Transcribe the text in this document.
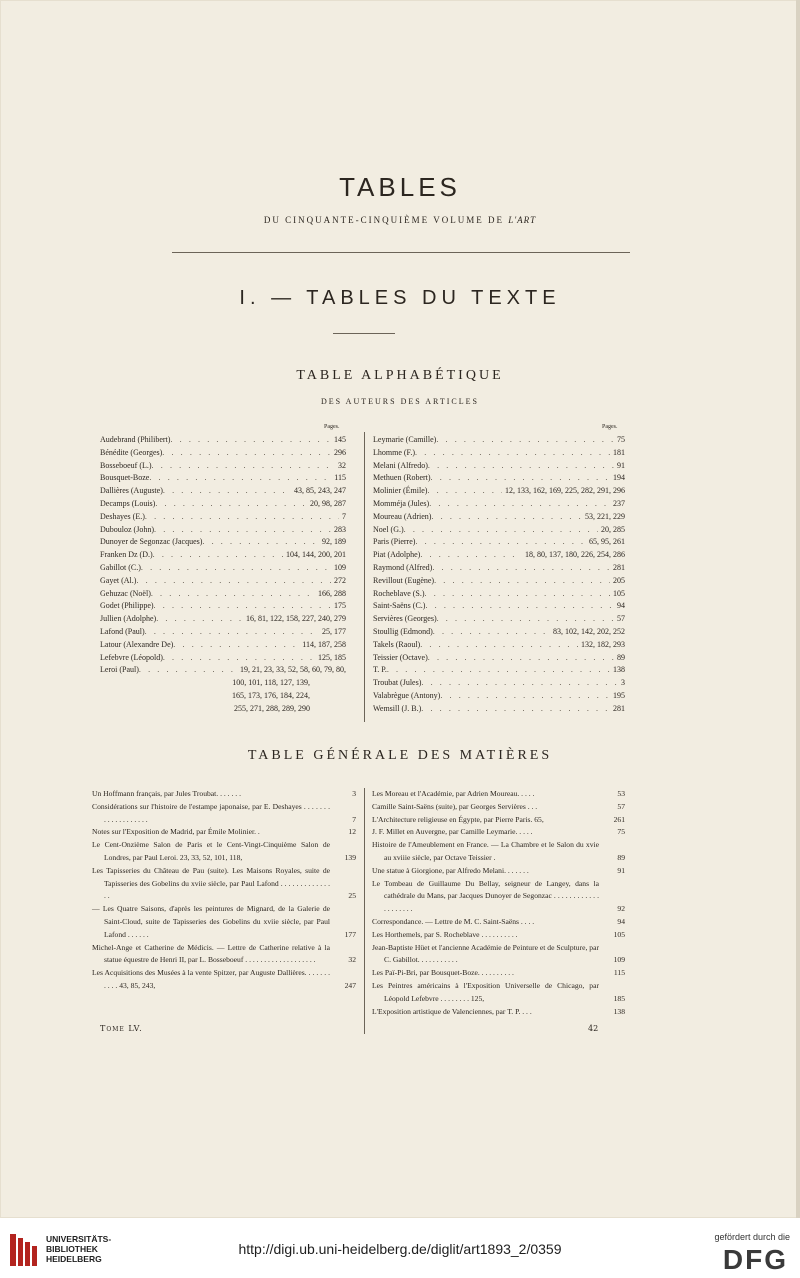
TABLES
DU CINQUANTE-CINQUIÈME VOLUME DE L'ART
I. — TABLES DU TEXTE
TABLE ALPHABÉTIQUE
DES AUTEURS DES ARTICLES
Pages.	Pages.
Audebrand (Philibert) . . .	145
Bénédite (Georges) . . .	296
Bosseboeuf (L.) . . .	32
Bousquet-Boze . . .	115
Dallières (Auguste) . . .	43, 85, 243, 247
Decamps (Louis) . . .	20, 98, 287
Deshayes (E.) . . .	7
Dubouloz (John) . . .	283
Dunoyer de Segonzac (Jacques) . . .	92, 189
Franken Dz (D.) . . .	104, 144, 200, 201
Gabillot (C.) . . .	109
Gayet (Al.) . . .	272
Gehuzac (Noël) . . .	166, 288
Godet (Philippe) . . .	175
Jullien (Adolphe) . . .	16, 81, 122, 158, 227, 240, 279
Lafond (Paul) . . .	25, 177
Latour (Alexandre De) . . .	114, 187, 258
Lefebvre (Léopold) . . .	125, 185
Leroi (Paul) . . .	19, 21, 23, 33, 52, 58, 60, 79, 80,
100, 101, 118, 127, 139,
165, 173, 176, 184, 224,
255, 271, 288, 289, 290
Leymarie (Camille) . . .	75
Lhomme (F.) . . .	181
Melani (Alfredo) . . .	91
Methuen (Robert) . . .	194
Molinier (Émile) . . .	12, 133, 162, 169, 225, 282, 291, 296
Momméja (Jules) . . .	237
Moureau (Adrien) . . .	53, 221, 229
Noel (G.) . . .	20, 285
Paris (Pierre) . . .	65, 95, 261
Piat (Adolphe) . . .	18, 80, 137, 180, 226, 254, 286
Raymond (Alfred) . . .	281
Revillout (Eugène) . . .	205
Rocheblave (S.) . . .	105
Saint-Saëns (C.) . . .	94
Servières (Georges) . . .	57
Stoullig (Edmond) . . .	83, 102, 142, 202, 252
Takels (Raoul) . . .	132, 182, 293
Teissier (Octave) . . .	89
T. P. . . .	138
Troubat (Jules) . . .	3
Valabrègue (Antony) . . .	195
Wemsill (J. B.) . . .	281
TABLE GÉNÉRALE DES MATIÈRES
Un Hoffmann français, par Jules Troubat. . . . . . .	3
Considérations sur l'histoire de l'estampe japonaise, par E. Deshayes . . . . . . . . . . . . . . . . . . .	7
Notes sur l'Exposition de Madrid, par Émile Molinier. .	12
Le Cent-Onzième Salon de Paris et le Cent-Vingt-Cinquième Salon de Londres, par Paul Leroi. 23, 33, 52, 101, 118,	139
Les Tapisseries du Château de Pau (suite). Les Maisons Royales, suite de Tapisseries des Gobelins du xviie siècle, par Paul Lafond . . . . . . . . . . . . . . .	25
— Les Quatre Saisons, d'après les peintures de Mignard, de la Galerie de Saint-Cloud, suite de Tapisseries des Gobelins du xviie siècle, par Paul Lafond . . . . . .	177
Michel-Ange et Catherine de Médicis. — Lettre de Catherine relative à la statue équestre de Henri II, par L. Bosseboeuf . . . . . . . . . . . . . . . . . . .	32
Les Acquisitions des Musées à la vente Spitzer, par Auguste Dallières. . . . . . . . . . . 43, 85, 243,	247
Les Moreau et l'Académie, par Adrien Moureau. . . . .	53
Camille Saint-Saëns (suite), par Georges Servières . . .	57
L'Architecture religieuse en Égypte, par Pierre Paris. 65,	261
J. F. Millet en Auvergne, par Camille Leymarie. . . . .	75
Histoire de l'Ameublement en France. — La Chambre et le Salon du xvie au xviiie siècle, par Octave Teissier .	89
Une statue à Giorgione, par Alfredo Melani. . . . . . .	91
Le Tombeau de Guillaume Du Bellay, seigneur de Langey, dans la cathédrale du Mans, par Jacques Dunoyer de Segonzac . . . . . . . . . . . . . . . . . . . .	92
Correspondance. — Lettre de M. C. Saint-Saëns . . . .	94
Les Horthemels, par S. Rocheblave . . . . . . . . . .	105
Jean-Baptiste Hüet et l'ancienne Académie de Peinture et de Sculpture, par C. Gabillot. . . . . . . . . . .	109
Les Paï-Pi-Bri, par Bousquet-Boze. . . . . . . . . .	115
Les Peintres américains à l'Exposition Universelle de Chicago, par Léopold Lefebvre . . . . . . . . 125,	185
L'Exposition artistique de Valenciennes, par T. P. . . .	138
Tome LV.	42
UNIVERSITÄTS-
BIBLIOTHEK
HEIDELBERG
http://digi.ub.uni-heidelberg.de/diglit/art1893_2/0359
gefördert durch die
DFG
